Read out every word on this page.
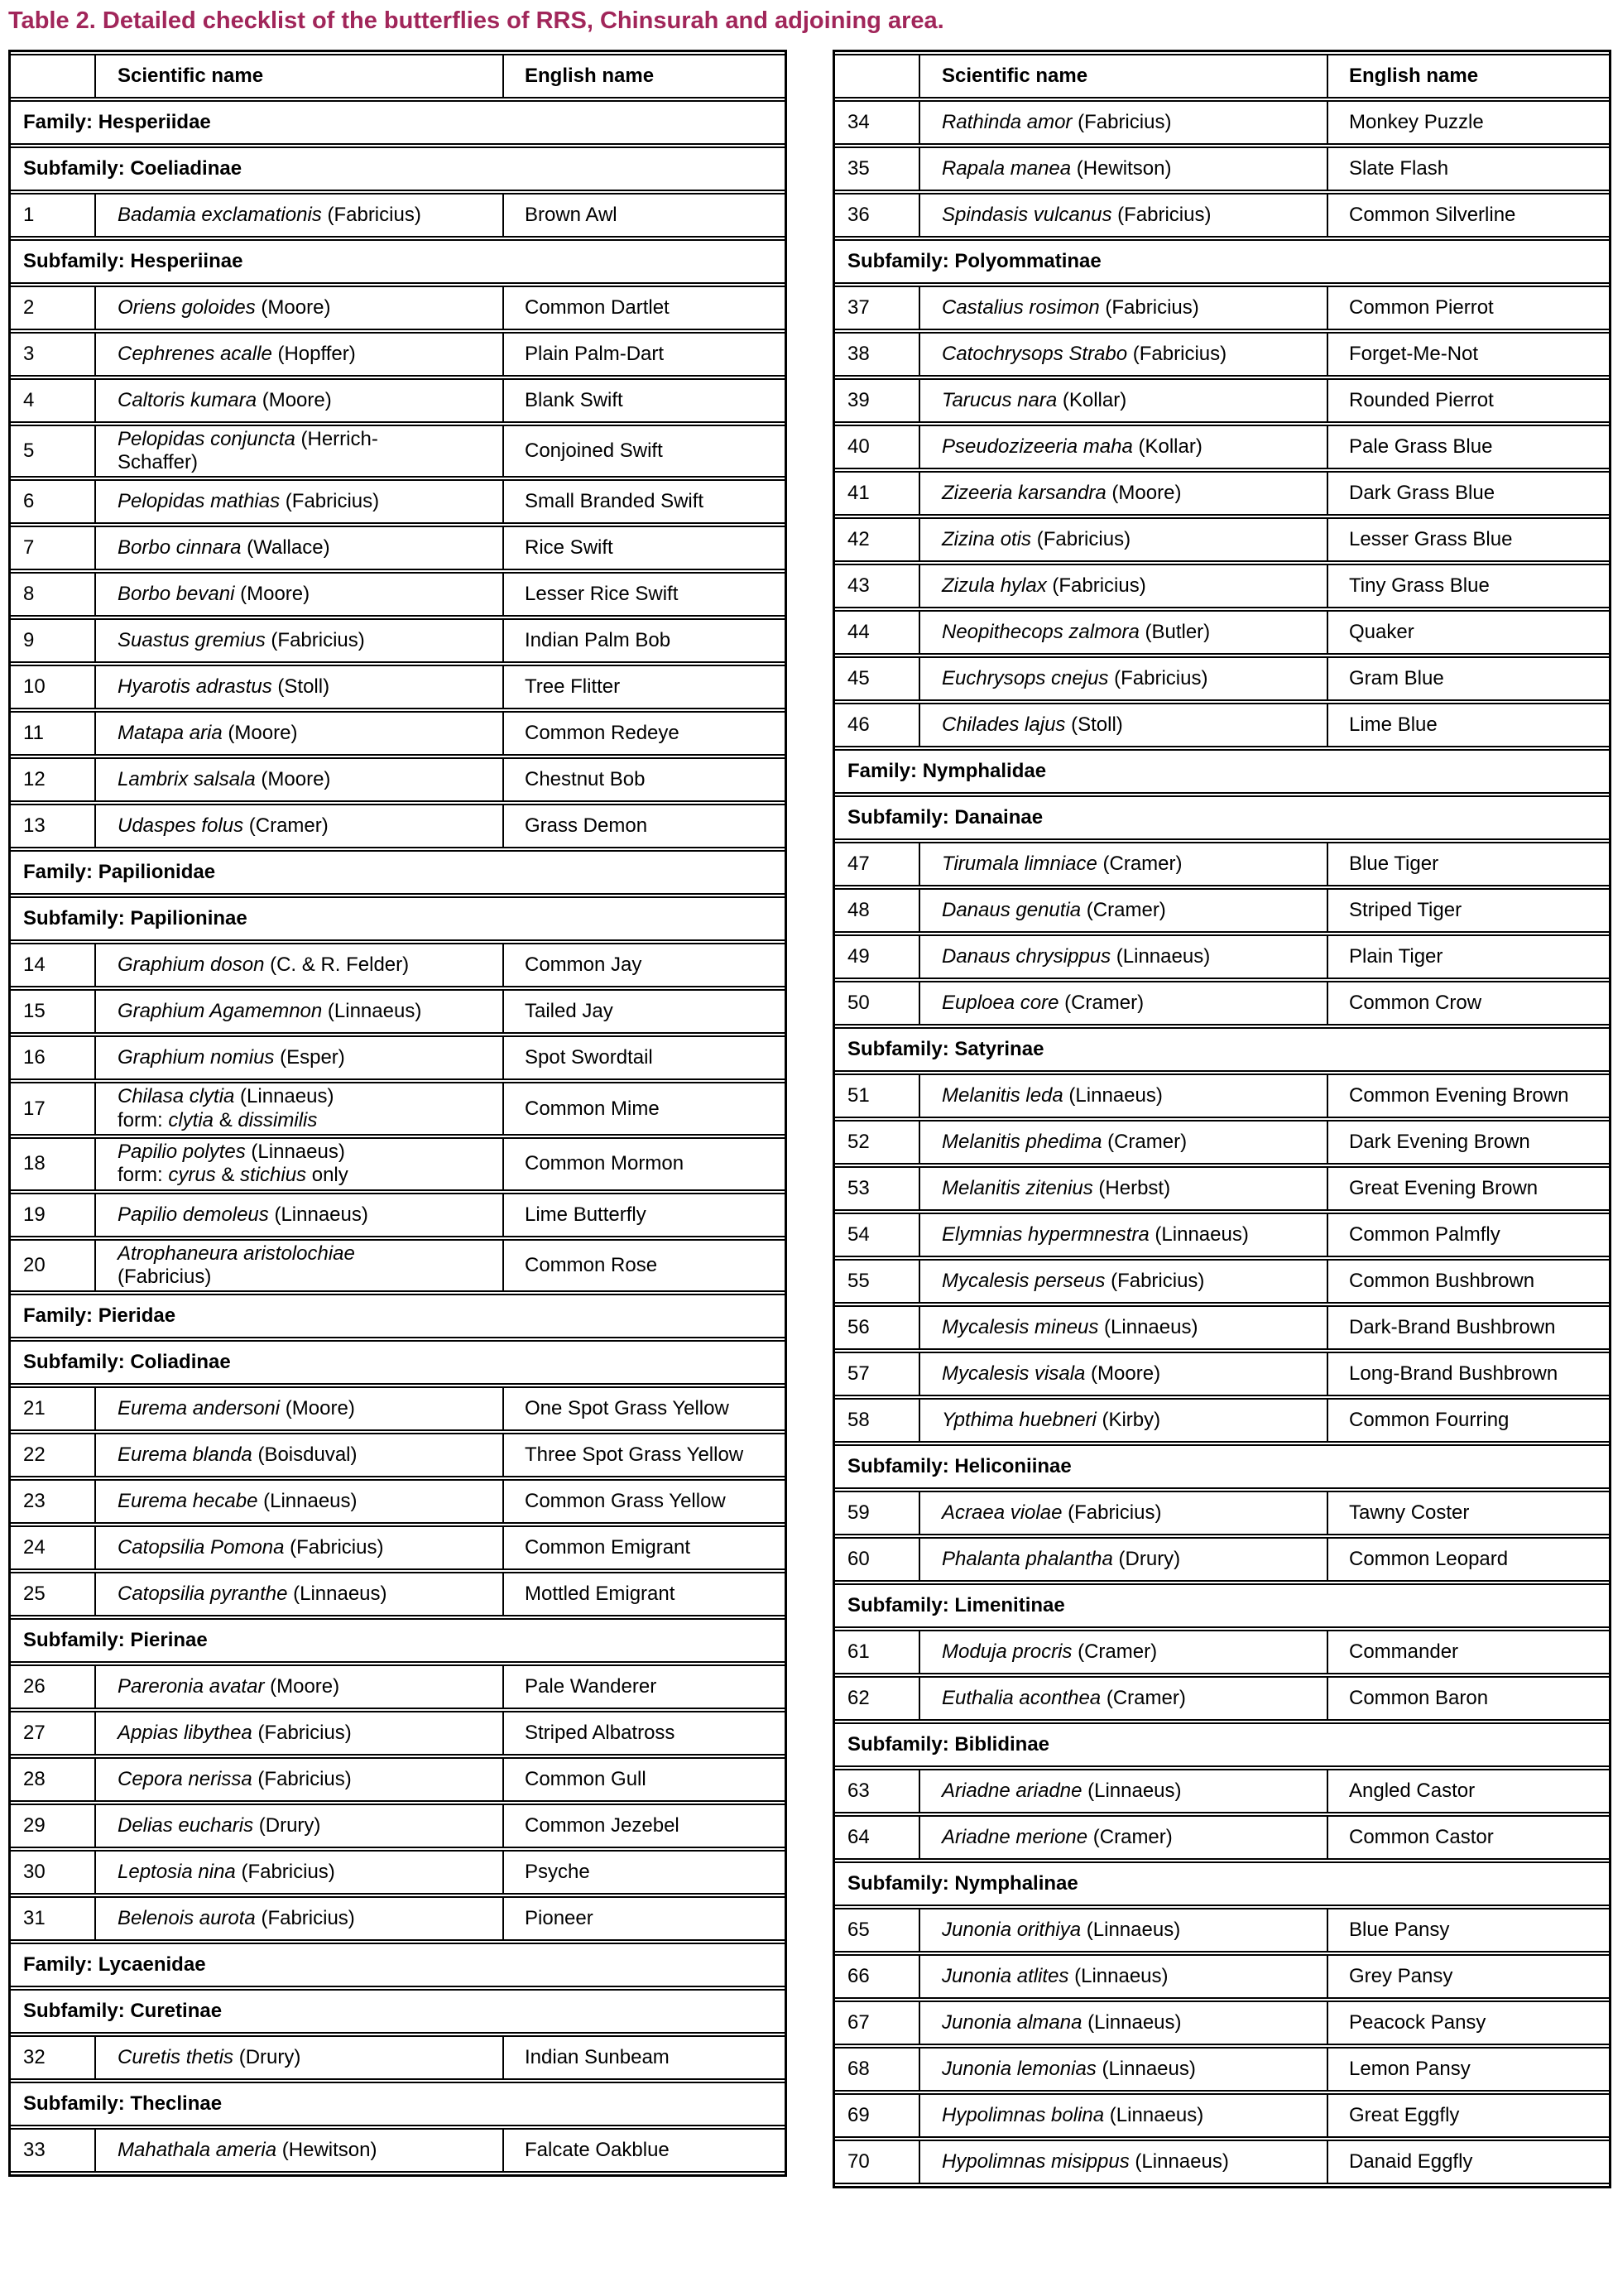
Table 2. Detailed checklist of the butterflies of RRS, Chinsurah and adjoining area.
	Scientific name	English name
Family: Hesperiidae		
Subfamily: Coeliadinae		
1	Badamia exclamationis (Fabricius)	Brown Awl
Subfamily: Hesperiinae		
2	Oriens goloides (Moore)	Common Dartlet
3	Cephrenes acalle (Hopffer)	Plain Palm-Dart
4	Caltoris kumara (Moore)	Blank Swift
5	Pelopidas conjuncta (Herrich-
Schaffer)	Conjoined Swift
6	Pelopidas mathias (Fabricius)	Small Branded Swift
7	Borbo cinnara (Wallace)	Rice Swift
8	Borbo bevani (Moore)	Lesser Rice Swift
9	Suastus gremius (Fabricius)	Indian Palm Bob
10	Hyarotis adrastus (Stoll)	Tree Flitter
11	Matapa aria (Moore)	Common Redeye
12	Lambrix salsala (Moore)	Chestnut Bob
13	Udaspes folus (Cramer)	Grass Demon
Family: Papilionidae		
Subfamily: Papilioninae		
14	Graphium doson (C. & R. Felder)	Common Jay
15	Graphium Agamemnon (Linnaeus)	Tailed Jay
16	Graphium nomius (Esper)	Spot Swordtail
17	Chilasa clytia (Linnaeus)
form: clytia & dissimilis	Common Mime
18	Papilio polytes (Linnaeus)
form: cyrus & stichius only	Common Mormon
19	Papilio demoleus (Linnaeus)	Lime Butterfly
20	Atrophaneura aristolochiae
(Fabricius)	Common Rose
Family: Pieridae		
Subfamily: Coliadinae		
21	Eurema andersoni (Moore)	One Spot Grass Yellow
22	Eurema blanda (Boisduval)	Three Spot Grass Yellow
23	Eurema hecabe (Linnaeus)	Common Grass Yellow
24	Catopsilia Pomona (Fabricius)	Common Emigrant
25	Catopsilia pyranthe (Linnaeus)	Mottled Emigrant
Subfamily: Pierinae		
26	Pareronia avatar (Moore)	Pale Wanderer
27	Appias libythea (Fabricius)	Striped Albatross
28	Cepora nerissa (Fabricius)	Common Gull
29	Delias eucharis (Drury)	Common Jezebel
30	Leptosia nina (Fabricius)	Psyche
31	Belenois aurota (Fabricius)	Pioneer
Family: Lycaenidae		
Subfamily: Curetinae		
32	Curetis thetis (Drury)	Indian Sunbeam
Subfamily: Theclinae		
33	Mahathala ameria (Hewitson)	Falcate Oakblue
	Scientific name	English name
34	Rathinda amor (Fabricius)	Monkey Puzzle
35	Rapala manea (Hewitson)	Slate Flash
36	Spindasis vulcanus (Fabricius)	Common Silverline
Subfamily: Polyommatinae		
37	Castalius rosimon (Fabricius)	Common Pierrot
38	Catochrysops Strabo (Fabricius)	Forget-Me-Not
39	Tarucus nara (Kollar)	Rounded Pierrot
40	Pseudozizeeria maha (Kollar)	Pale Grass Blue
41	Zizeeria karsandra (Moore)	Dark Grass Blue
42	Zizina otis (Fabricius)	Lesser Grass Blue
43	Zizula hylax (Fabricius)	Tiny Grass Blue
44	Neopithecops zalmora (Butler)	Quaker
45	Euchrysops cnejus (Fabricius)	Gram Blue
46	Chilades lajus (Stoll)	Lime Blue
Family: Nymphalidae		
Subfamily: Danainae		
47	Tirumala limniace (Cramer)	Blue Tiger
48	Danaus genutia (Cramer)	Striped Tiger
49	Danaus chrysippus (Linnaeus)	Plain Tiger
50	Euploea core (Cramer)	Common Crow
Subfamily: Satyrinae		
51	Melanitis leda (Linnaeus)	Common Evening Brown
52	Melanitis phedima (Cramer)	Dark Evening Brown
53	Melanitis zitenius (Herbst)	Great Evening Brown
54	Elymnias hypermnestra (Linnaeus)	Common Palmfly
55	Mycalesis perseus (Fabricius)	Common Bushbrown
56	Mycalesis mineus (Linnaeus)	Dark-Brand Bushbrown
57	Mycalesis visala (Moore)	Long-Brand Bushbrown
58	Ypthima huebneri (Kirby)	Common Fourring
Subfamily: Heliconiinae		
59	Acraea violae (Fabricius)	Tawny Coster
60	Phalanta phalantha (Drury)	Common Leopard
Subfamily: Limenitinae		
61	Moduja procris (Cramer)	Commander
62	Euthalia aconthea (Cramer)	Common Baron
Subfamily: Biblidinae		
63	Ariadne ariadne (Linnaeus)	Angled Castor
64	Ariadne merione (Cramer)	Common Castor
Subfamily: Nymphalinae		
65	Junonia orithiya (Linnaeus)	Blue Pansy
66	Junonia atlites (Linnaeus)	Grey Pansy
67	Junonia almana (Linnaeus)	Peacock Pansy
68	Junonia lemonias (Linnaeus)	Lemon Pansy
69	Hypolimnas bolina (Linnaeus)	Great Eggfly
70	Hypolimnas misippus (Linnaeus)	Danaid Eggfly
